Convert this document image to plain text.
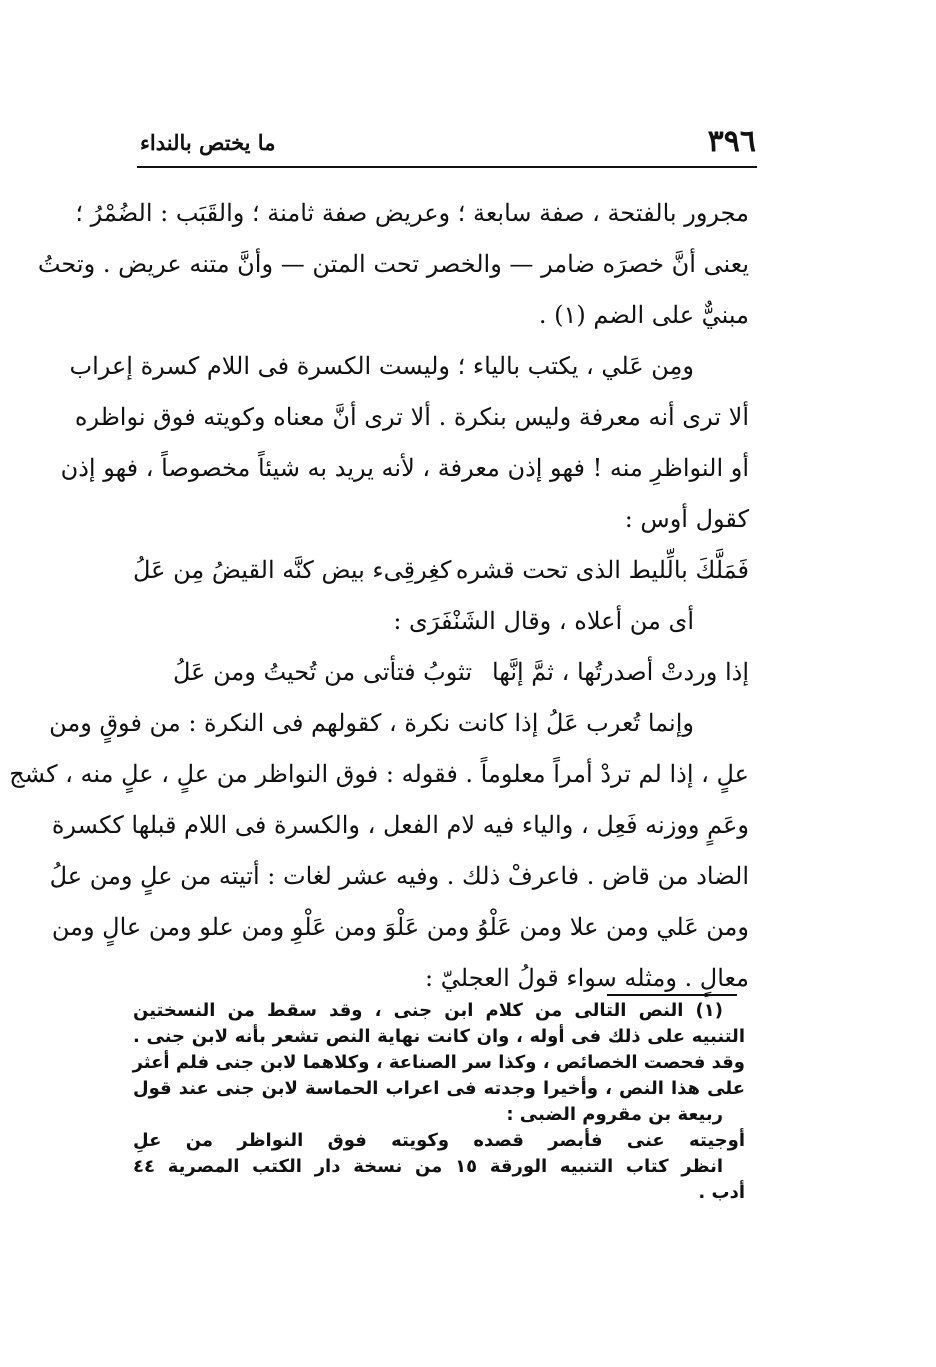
٣٩٦
ما يختص بالنداء
مجرور بالفتحة ، صفة سابعة ؛ وعريض صفة ثامنة ؛ والقَبَب : الضُمْرُ ؛
يعنى أنَّ خصرَه ضامر — والخصر تحت المتن — وأنَّ متنه عريض . وتحتُ
مبنيٌّ على الضم (١) .
ومِن عَلي ، يكتب بالياء ؛ وليست الكسرة فى اللام كسرة إعراب
ألا ترى أنه معرفة وليس بنكرة . ألا ترى أنَّ معناه وكويته فوق نواظره
أو النواظرِ منه ! فهو إذن معرفة ، لأنه يريد به شيئاً مخصوصاً ، فهو إذن
كقول أوس :
فَمَلَّكَ بالِّليط الذى تحت قشره
كغِرقِىء بيض كنَّه القيضُ مِن عَلُ
أى من أعلاه ، وقال الشَنْفَرَى :
إذا وردتْ أصدرتُها ، ثمَّ إنَّها
تثوبُ فتأتى من تُحيتُ ومن عَلُ
وإنما تُعرب عَلُ إذا كانت نكرة ، كقولهم فى النكرة : من فوقٍ ومن
علٍ ، إذا لم تردْ أمراً معلوماً . فقوله : فوق النواظر من علٍ ، علٍ منه ، كشج
وعَمٍ ووزنه فَعِل ، والياء فيه لام الفعل ، والكسرة فى اللام قبلها ككسرة
الضاد من قاض . فاعرفْ ذلك . وفيه عشر لغات : أتيته من علٍ ومن علُ
ومن عَلي ومن علا ومن عَلْوُ ومن عَلْوَ ومن عَلْوِ ومن علو ومن عالٍ ومن
معالٍ . ومثله سواء قولُ العجليّ :
(١) النص التالى من كلام ابن جنى ، وقد سقط من النسختين
التنبيه على ذلك فى أوله ، وان كانت نهاية النص تشعر بأنه لابن جنى .
وقد فحصت الخصائص ، وكذا سر الصناعة ، وكلاهما لابن جنى فلم أعثر
على هذا النص ، وأخيرا وجدته فى اعراب الحماسة لابن جنى عند قول
ربيعة بن مقروم الضبى :
أوجيته عنى فأبصر قصده وكويته فوق النواظر من علِ
انظر كتاب التنبيه الورقة ١٥ من نسخة دار الكتب المصرية ٤٤
أدب .
